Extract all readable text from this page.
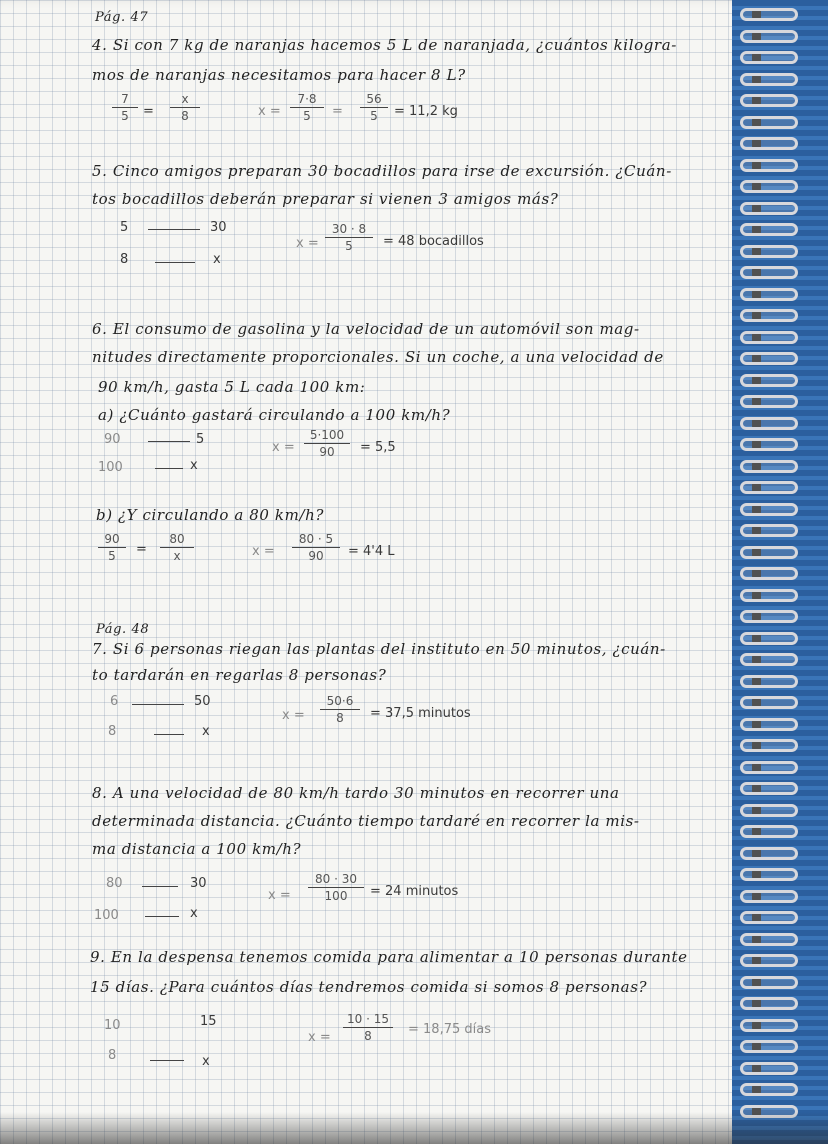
Pág. 47
4. Si con 7 kg de naranjas hacemos 5 L de naranjada, ¿cuántos kilogra-
mos de naranjas necesitamos para hacer 8 L?
7
5	=
x
8	x =
7·8
5	=
56
5	= 11,2 kg
5. Cinco amigos preparan 30 bocadillos para irse de excursión. ¿Cuán-
tos bocadillos deberán preparar si vienen 3 amigos más?
5	30
8	x
x =
30 · 8
5	= 48 bocadillos
6. El consumo de gasolina y la velocidad de un automóvil son mag-
nitudes directamente proporcionales. Si un coche, a una velocidad de
90 km/h, gasta 5 L cada 100 km:
a) ¿Cuánto gastará circulando a 100 km/h?
90	5
100	x
x =
5·100
90	= 5,5
b) ¿Y circulando a 80 km/h?
90
5	=
80
x	x =
80 · 5
90	= 4'4 L
Pág. 48
7. Si 6 personas riegan las plantas del instituto en 50 minutos, ¿cuán-
to tardarán en regarlas 8 personas?
6	50
8	x
x =
50·6
8	= 37,5 minutos
8. A una velocidad de 80 km/h tardo 30 minutos en recorrer una
determinada distancia. ¿Cuánto tiempo tardaré en recorrer la mis-
ma distancia a 100 km/h?
80	30
100	x
x =
80 · 30
100	= 24 minutos
9. En la despensa tenemos comida para alimentar a 10 personas durante
15 días. ¿Para cuántos días tendremos comida si somos 8 personas?
10	15
8	x
x =
10 · 15
8	= 18,75 días
